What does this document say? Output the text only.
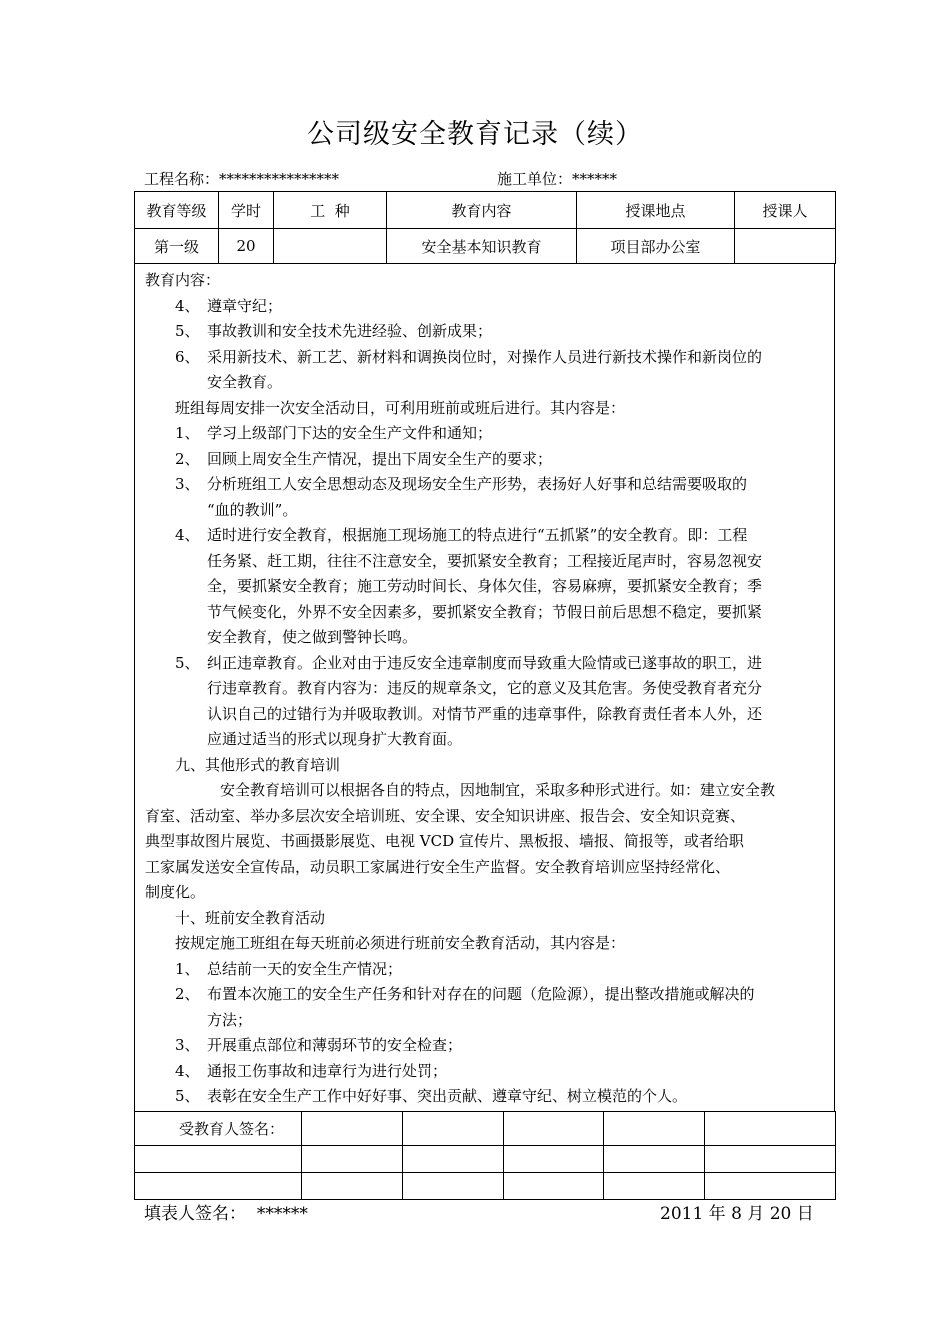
公司级安全教育记录（续）
工程名称：****************	施工单位：******
教育等级	学时	工  种	教育内容	授课地点	授课人
第一级	20		安全基本知识教育	项目部办公室	
教育内容：
4、 遵章守纪；
5、 事故教训和安全技术先进经验、创新成果；
6、 采用新技术、新工艺、新材料和调换岗位时，对操作人员进行新技术操作和新岗位的
安全教育。
班组每周安排一次安全活动日，可利用班前或班后进行。其内容是：
1、 学习上级部门下达的安全生产文件和通知；
2、 回顾上周安全生产情况，提出下周安全生产的要求；
3、 分析班组工人安全思想动态及现场安全生产形势，表扬好人好事和总结需要吸取的
“血的教训”。
4、 适时进行安全教育，根据施工现场施工的特点进行“五抓紧”的安全教育。即：工程
任务紧、赶工期，往往不注意安全，要抓紧安全教育；工程接近尾声时，容易忽视安
全，要抓紧安全教育；施工劳动时间长、身体欠佳，容易麻痹，要抓紧安全教育；季
节气候变化，外界不安全因素多，要抓紧安全教育；节假日前后思想不稳定，要抓紧
安全教育，使之做到警钟长鸣。
5、 纠正违章教育。企业对由于违反安全违章制度而导致重大险情或已遂事故的职工，进
行违章教育。教育内容为：违反的规章条文，它的意义及其危害。务使受教育者充分
认识自己的过错行为并吸取教训。对情节严重的违章事件，除教育责任者本人外，还
应通过适当的形式以现身扩大教育面。
九、其他形式的教育培训
安全教育培训可以根据各自的特点，因地制宜，采取多种形式进行。如：建立安全教
育室、活动室、举办多层次安全培训班、安全课、安全知识讲座、报告会、安全知识竞赛、
典型事故图片展览、书画摄影展览、电视 VCD 宣传片、黑板报、墙报、简报等，或者给职
工家属发送安全宣传品，动员职工家属进行安全生产监督。安全教育培训应坚持经常化、
制度化。
十、班前安全教育活动
按规定施工班组在每天班前必须进行班前安全教育活动，其内容是：
1、 总结前一天的安全生产情况；
2、 布置本次施工的安全生产任务和针对存在的问题（危险源），提出整改措施或解决的
方法；
3、 开展重点部位和薄弱环节的安全检查；
4、 通报工伤事故和违章行为进行处罚；
5、 表彰在安全生产工作中好好事、突出贡献、遵章守纪、树立模范的个人。
受教育人签名：					

填表人签名： ******	2011 年 8 月 20 日
